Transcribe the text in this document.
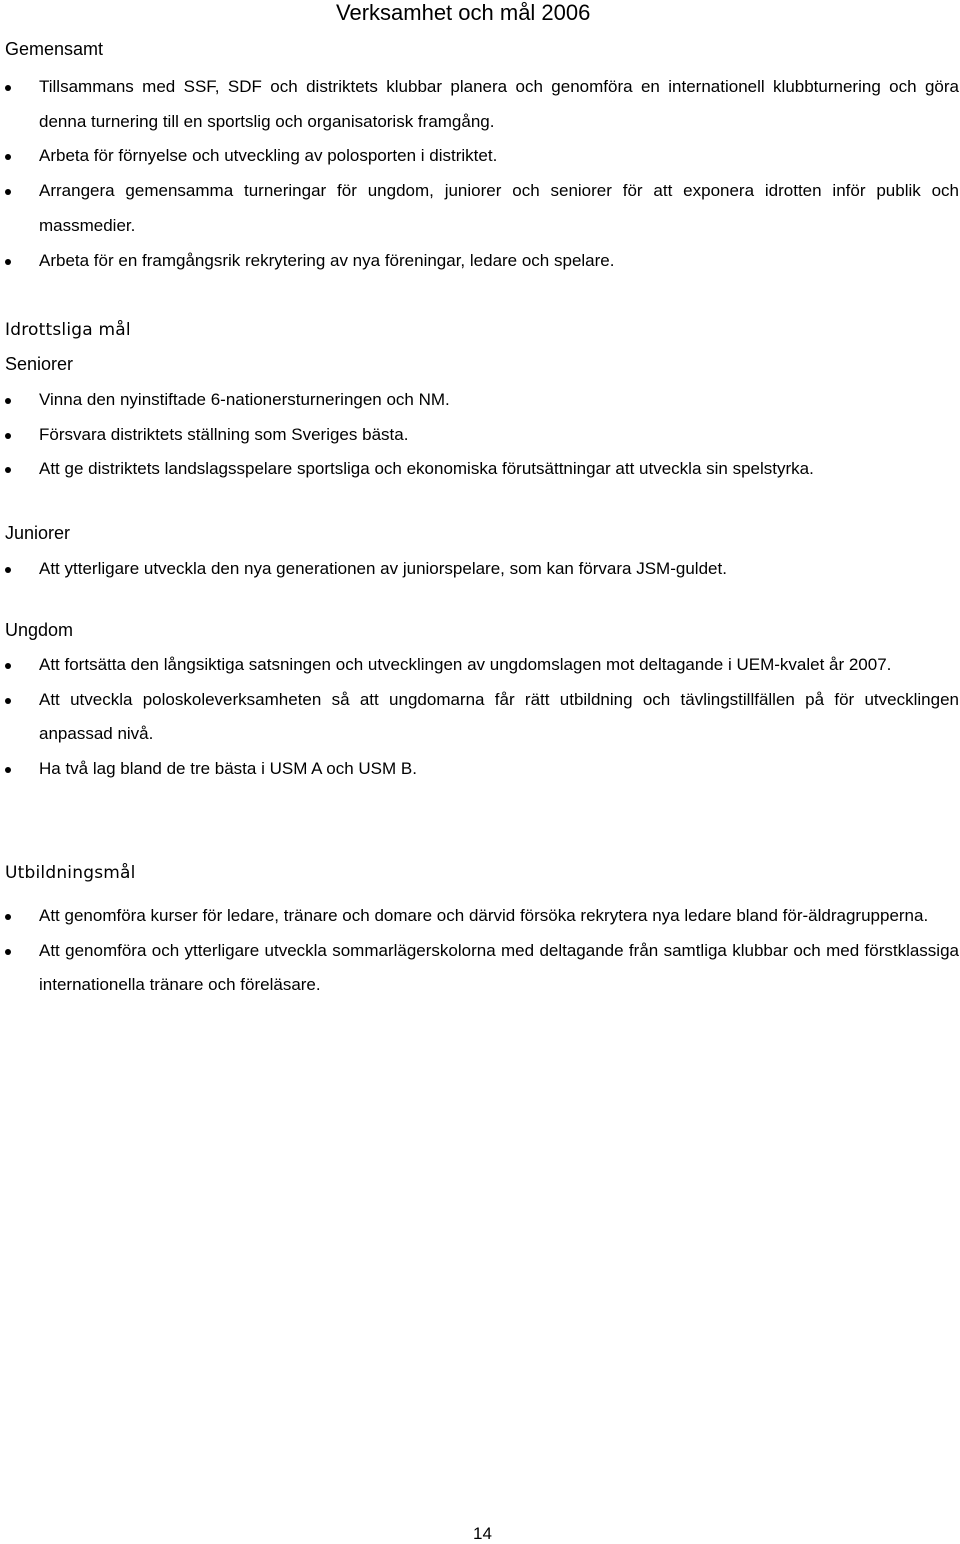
Verksamhet och mål 2006
Gemensamt
Tillsammans med SSF, SDF och distriktets klubbar planera och genomföra en internationell klubbturnering och göra denna turnering till en sportslig och organisatorisk framgång.
Arbeta för förnyelse och utveckling av polosporten i distriktet.
Arrangera gemensamma turneringar för ungdom, juniorer och seniorer för att exponera idrotten inför publik och massmedier.
Arbeta för en framgångsrik rekrytering av nya föreningar, ledare och spelare.
Idrottsliga mål
Seniorer
Vinna den nyinstiftade 6-nationersturneringen och NM.
Försvara distriktets ställning som Sveriges bästa.
Att ge distriktets landslagsspelare sportsliga och ekonomiska förutsättningar att utveckla sin spelstyrka.
Juniorer
Att ytterligare utveckla den nya generationen av juniorspelare, som kan förvara JSM-guldet.
Ungdom
Att fortsätta den långsiktiga satsningen och utvecklingen av ungdomslagen mot deltagande i UEM-kvalet år 2007.
Att utveckla poloskoleverksamheten så att ungdomarna får rätt utbildning och tävlingstillfällen på för utvecklingen anpassad nivå.
Ha två lag bland de tre bästa i USM A och USM B.
Utbildningsmål
Att genomföra kurser för ledare, tränare och domare och därvid försöka rekrytera nya ledare bland för-äldragrupperna.
Att genomföra och ytterligare utveckla sommarlägerskolorna med deltagande från samtliga klubbar och med förstklassiga internationella tränare och föreläsare.
14
